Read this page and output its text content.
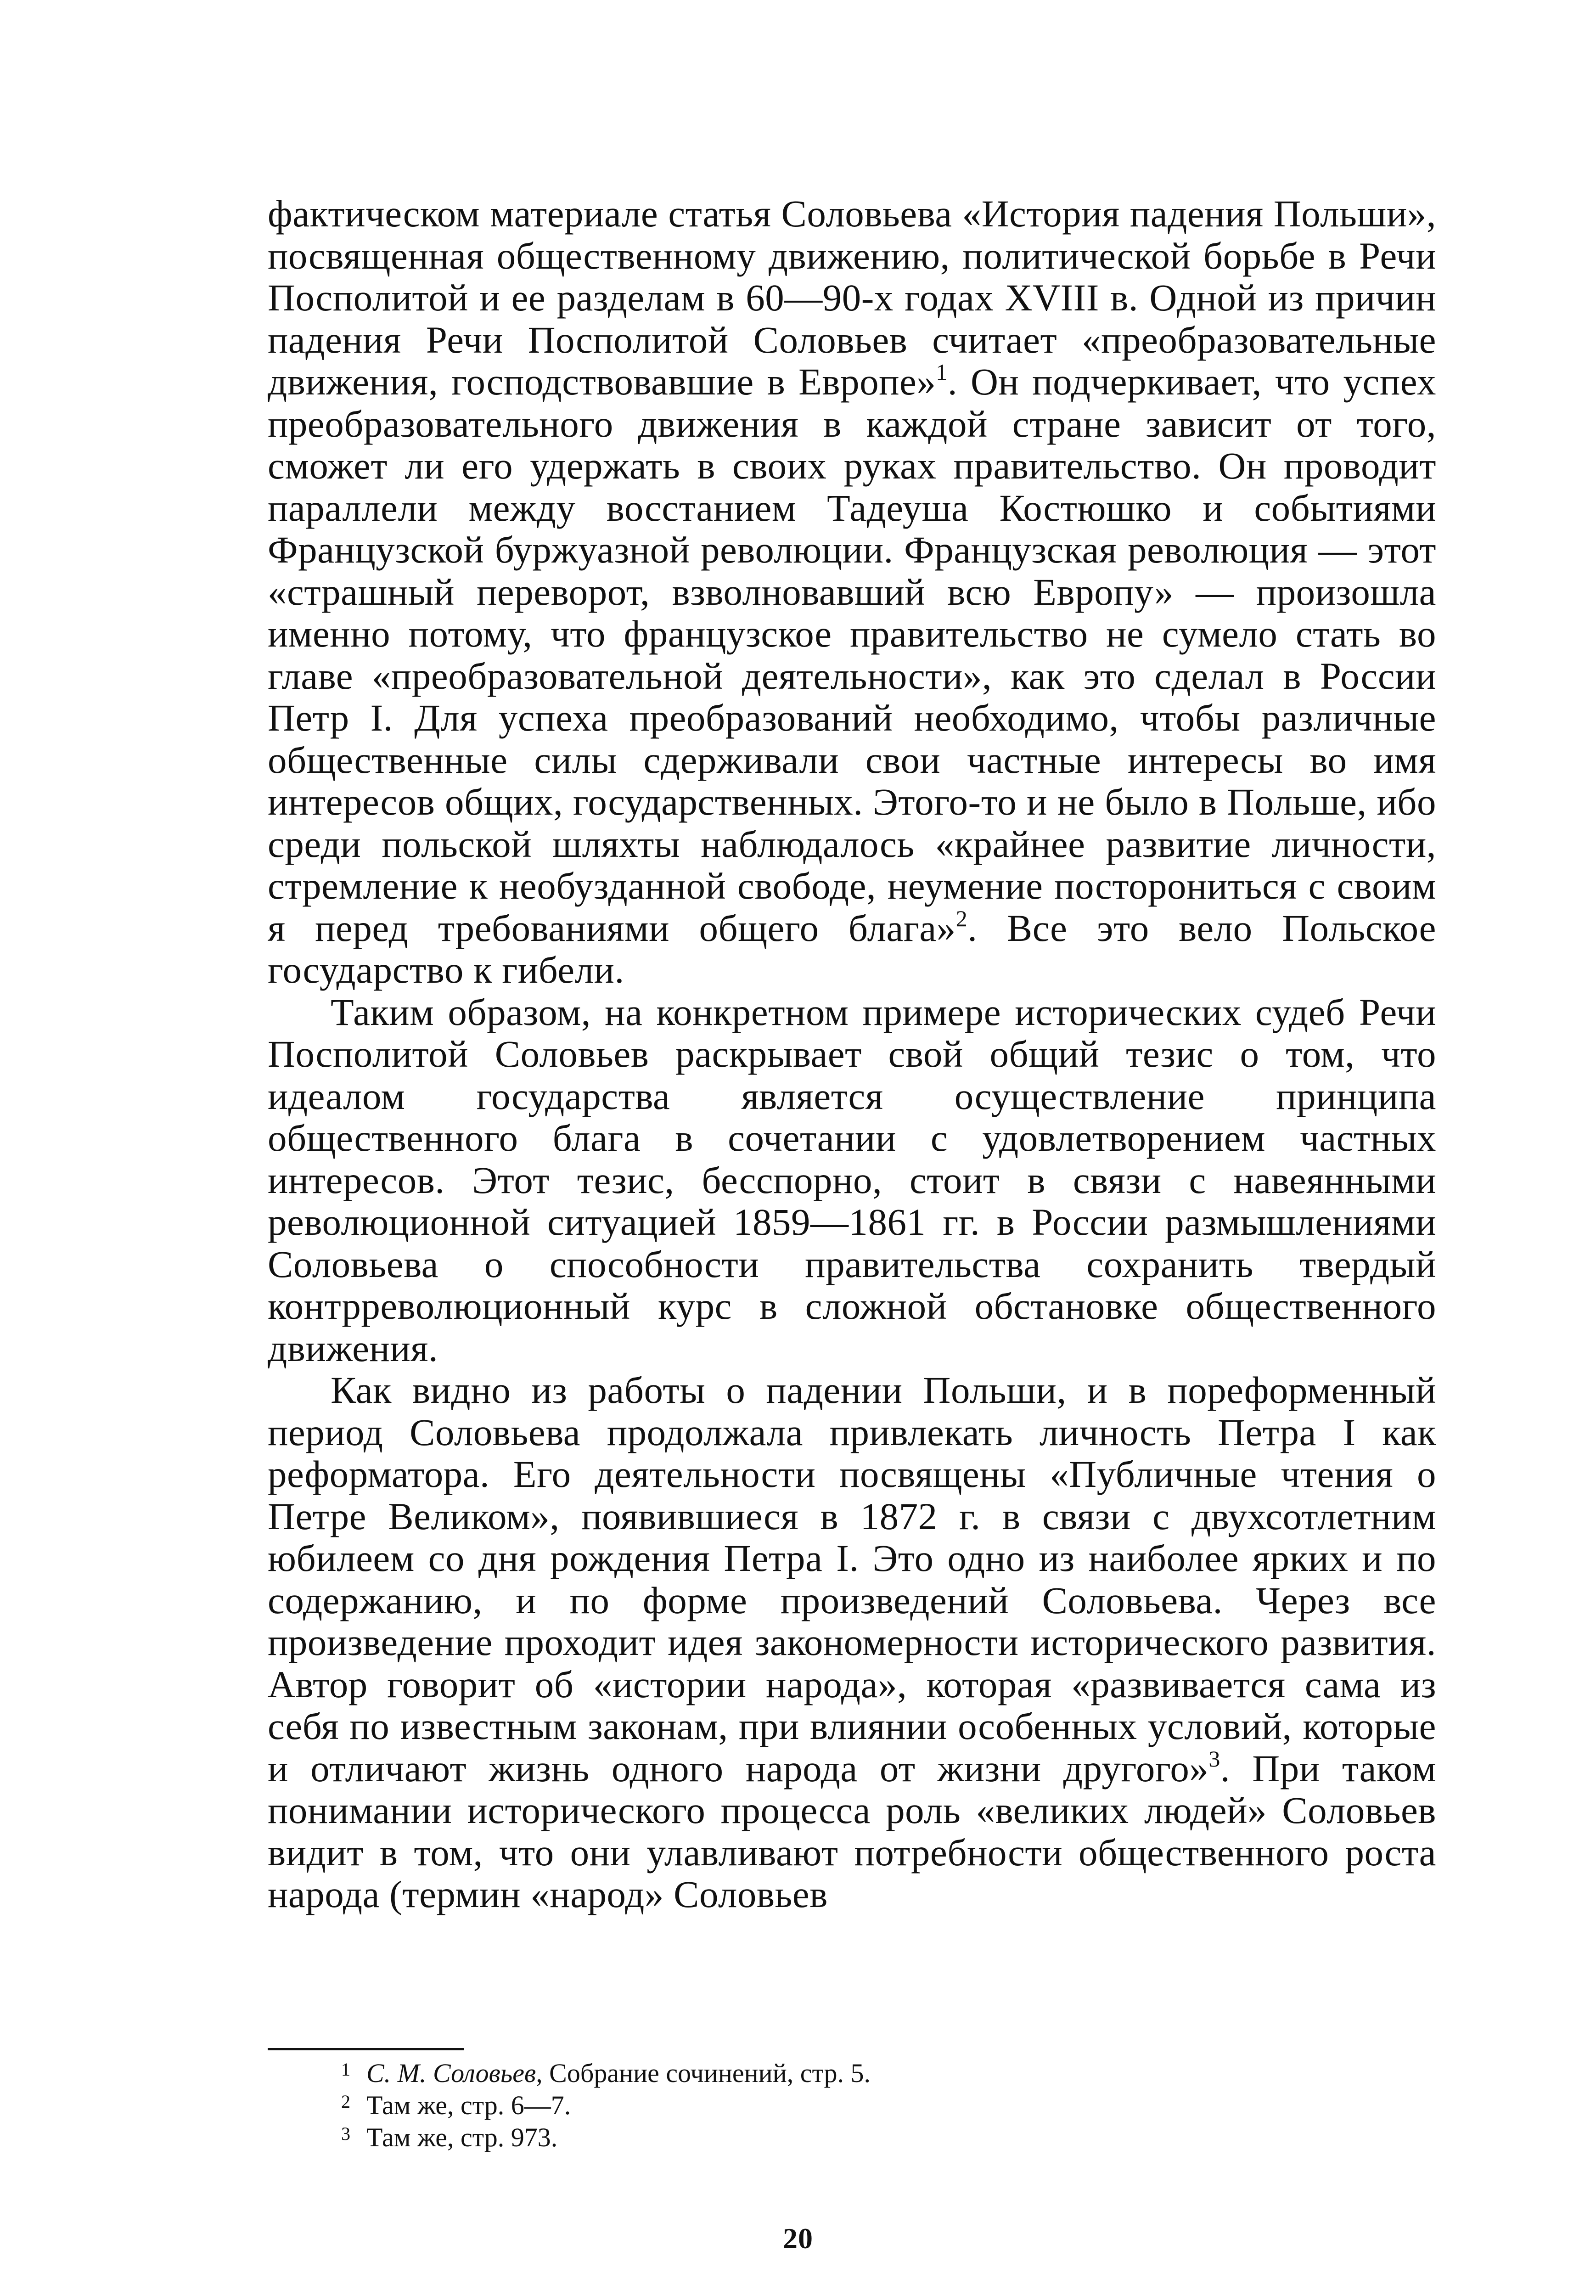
фактическом материале статья Соловьева «История падения Польши», посвященная общественному движению, политической борьбе в Речи Посполитой и ее разделам в 60—90-х годах XVIII в. Одной из причин падения Речи Посполитой Соловьев считает «преобразовательные движения, господствовавшие в Европе»$^1$. Он подчеркивает, что успех преобразовательного движения в каждой стране зависит от того, сможет ли его удержать в своих руках правительство. Он проводит параллели между восстанием Тадеуша Костюшко и событиями Французской буржуазной революции. Французская революция — этот «страшный переворот, взволновавший всю Европу» — произошла именно потому, что французское правительство не сумело стать во главе «преобразовательной деятельности», как это сделал в России Петр I. Для успеха преобразований необходимо, чтобы различные общественные силы сдерживали свои частные интересы во имя интересов общих, государственных. Этого-то и не было в Польше, ибо среди польской шляхты наблюдалось «крайнее развитие личности, стремление к необузданной свободе, неумение посторониться с своим я перед требованиями общего блага»$^2$. Все это вело Польское государство к гибели.

Таким образом, на конкретном примере исторических судеб Речи Посполитой Соловьев раскрывает свой общий тезис о том, что идеалом государства является осуществление принципа общественного блага в сочетании с удовлетворением частных интересов. Этот тезис, бесспорно, стоит в связи с навеянными революционной ситуацией 1859—1861 гг. в России размышлениями Соловьева о способности правительства сохранить твердый контрреволюционный курс в сложной обстановке общественного движения.

Как видно из работы о падении Польши, и в пореформенный период Соловьева продолжала привлекать личность Петра I как реформатора. Его деятельности посвящены «Публичные чтения о Петре Великом», появившиеся в 1872 г. в связи с двухсотлетним юбилеем со дня рождения Петра I. Это одно из наиболее ярких и по содержанию, и по форме произведений Соловьева. Через все произведение проходит идея закономерности исторического развития. Автор говорит об «истории народа», которая «развивается сама из себя по известным законам, при влиянии особенных условий, которые и отличают жизнь одного народа от жизни другого»$^3$. При таком понимании исторического процесса роль «великих людей» Соловьев видит в том, что они улавливают потребности общественного роста народа (термин «народ» Соловьев

1 С. М. Соловьев, Собрание сочинений, стр. 5.

2 Там же, стр. 6—7.

3 Там же, стр. 973.

20
